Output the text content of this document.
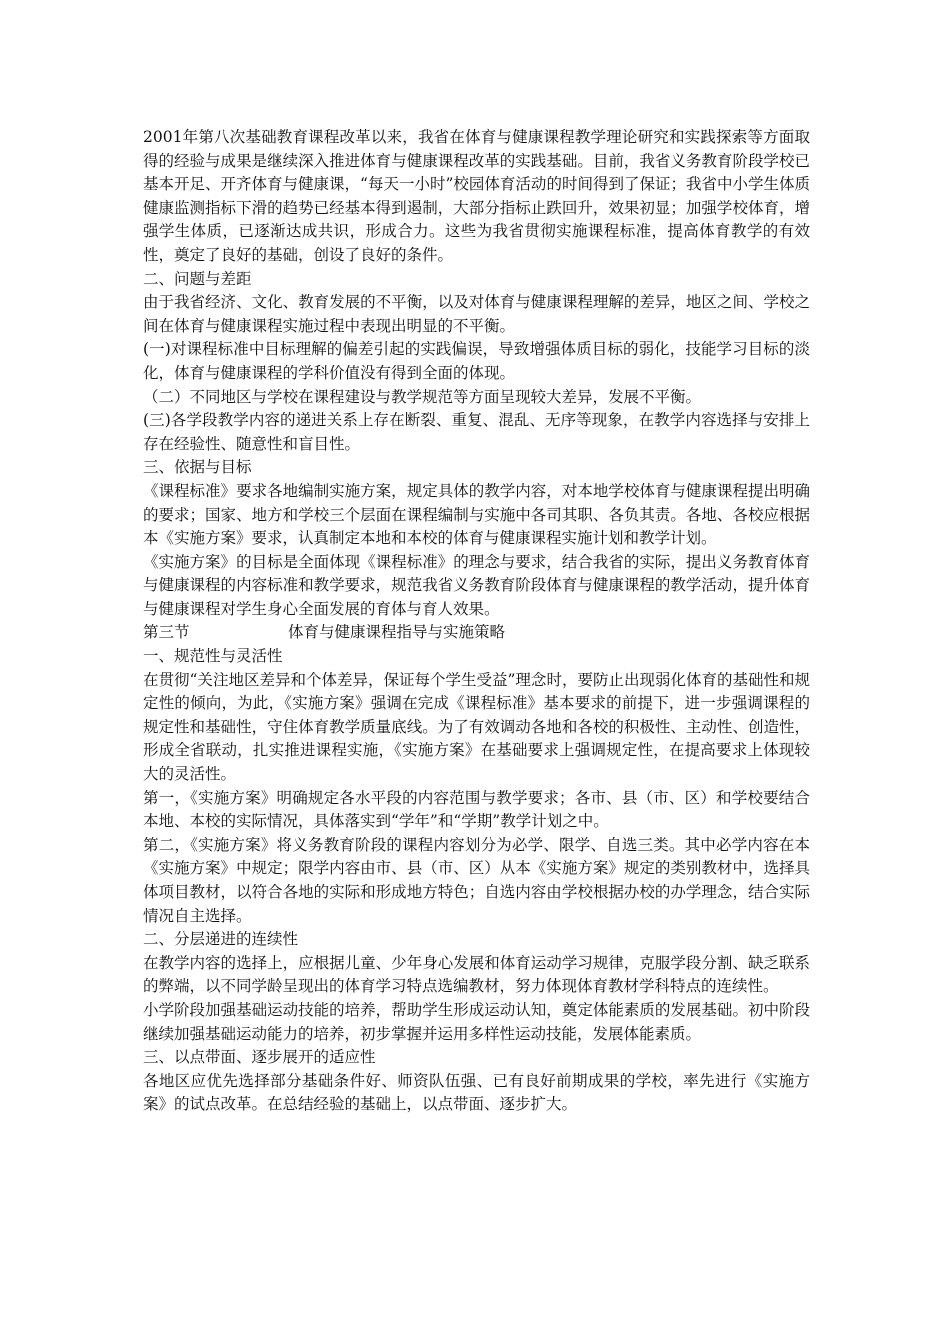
2001年第八次基础教育课程改革以来，我省在体育与健康课程教学理论研究和实践探索等方面取得的经验与成果是继续深入推进体育与健康课程改革的实践基础。目前，我省义务教育阶段学校已基本开足、开齐体育与健康课，“每天一小时”校园体育活动的时间得到了保证；我省中小学生体质健康监测指标下滑的趋势已经基本得到遏制，大部分指标止跌回升，效果初显；加强学校体育，增强学生体质，已逐渐达成共识，形成合力。这些为我省贯彻实施课程标准，提高体育教学的有效性，奠定了良好的基础，创设了良好的条件。

二、问题与差距

由于我省经济、文化、教育发展的不平衡，以及对体育与健康课程理解的差异，地区之间、学校之间在体育与健康课程实施过程中表现出明显的不平衡。

(一)对课程标准中目标理解的偏差引起的实践偏误，导致增强体质目标的弱化，技能学习目标的淡化，体育与健康课程的学科价值没有得到全面的体现。

（二）不同地区与学校在课程建设与教学规范等方面呈现较大差异，发展不平衡。

(三)各学段教学内容的递进关系上存在断裂、重复、混乱、无序等现象，在教学内容选择与安排上存在经验性、随意性和盲目性。

三、依据与目标

《课程标准》要求各地编制实施方案，规定具体的教学内容，对本地学校体育与健康课程提出明确的要求；国家、地方和学校三个层面在课程编制与实施中各司其职、各负其责。各地、各校应根据本《实施方案》要求，认真制定本地和本校的体育与健康课程实施计划和教学计划。

《实施方案》的目标是全面体现《课程标准》的理念与要求，结合我省的实际，提出义务教育体育与健康课程的内容标准和教学要求，规范我省义务教育阶段体育与健康课程的教学活动，提升体育与健康课程对学生身心全面发展的育体与育人效果。

第三节                    体育与健康课程指导与实施策略

一、规范性与灵活性

在贯彻“关注地区差异和个体差异，保证每个学生受益”理念时，要防止出现弱化体育的基础性和规定性的倾向，为此，《实施方案》强调在完成《课程标准》基本要求的前提下，进一步强调课程的规定性和基础性，守住体育教学质量底线。为了有效调动各地和各校的积极性、主动性、创造性，形成全省联动，扎实推进课程实施，《实施方案》在基础要求上强调规定性，在提高要求上体现较大的灵活性。

第一，《实施方案》明确规定各水平段的内容范围与教学要求；各市、县（市、区）和学校要结合本地、本校的实际情况，具体落实到“学年”和“学期”教学计划之中。

第二，《实施方案》将义务教育阶段的课程内容划分为必学、限学、自选三类。其中必学内容在本《实施方案》中规定；限学内容由市、县（市、区）从本《实施方案》规定的类别教材中，选择具体项目教材，以符合各地的实际和形成地方特色；自选内容由学校根据办校的办学理念，结合实际情况自主选择。

二、分层递进的连续性

在教学内容的选择上，应根据儿童、少年身心发展和体育运动学习规律，克服学段分割、缺乏联系的弊端，以不同学龄呈现出的体育学习特点选编教材，努力体现体育教材学科特点的连续性。

小学阶段加强基础运动技能的培养，帮助学生形成运动认知，奠定体能素质的发展基础。初中阶段继续加强基础运动能力的培养，初步掌握并运用多样性运动技能，发展体能素质。

三、以点带面、逐步展开的适应性

各地区应优先选择部分基础条件好、师资队伍强、已有良好前期成果的学校，率先进行《实施方案》的试点改革。在总结经验的基础上，以点带面、逐步扩大。
